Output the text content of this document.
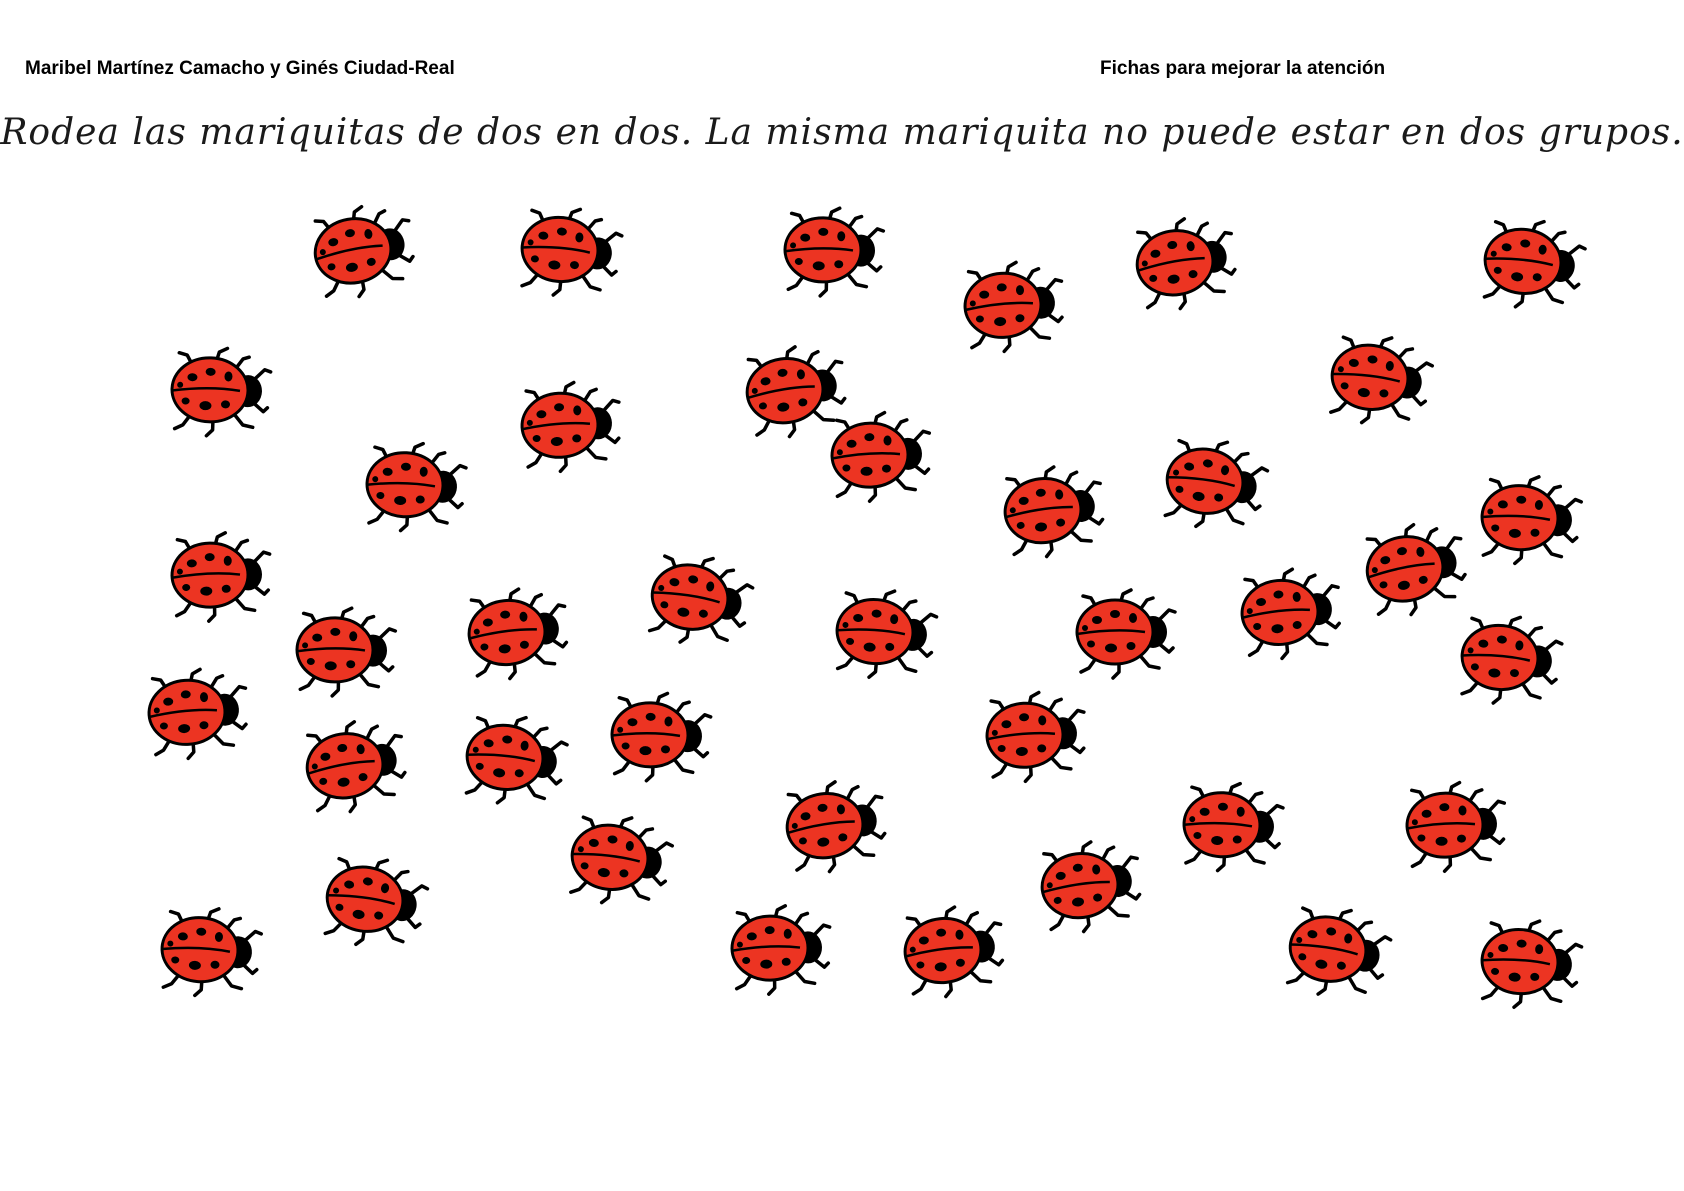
Maribel Martínez Camacho y Ginés Ciudad-Real	Fichas para mejorar la atención
Rodea las mariquitas de dos en dos. La misma mariquita no puede estar en dos grupos.
